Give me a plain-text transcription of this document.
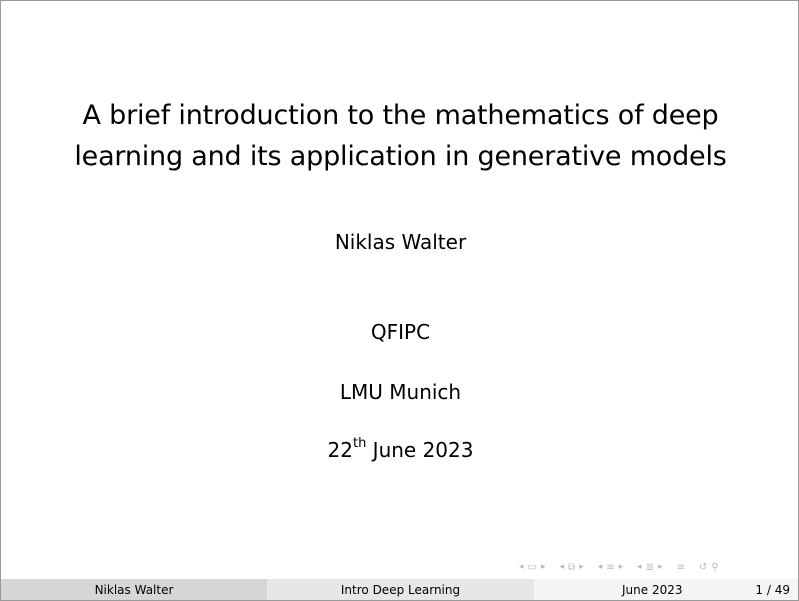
A brief introduction to the mathematics of deep
learning and its application in generative models
Niklas Walter
QFIPC
LMU Munich
22th June 2023
◂ ▭ ▸ ◂ ⧉ ▸ ◂ ≡ ▸ ◂ ≣ ▸ ≡ ↺ ⚲
Niklas Walter	Intro Deep Learning	June 2023	1 / 49
